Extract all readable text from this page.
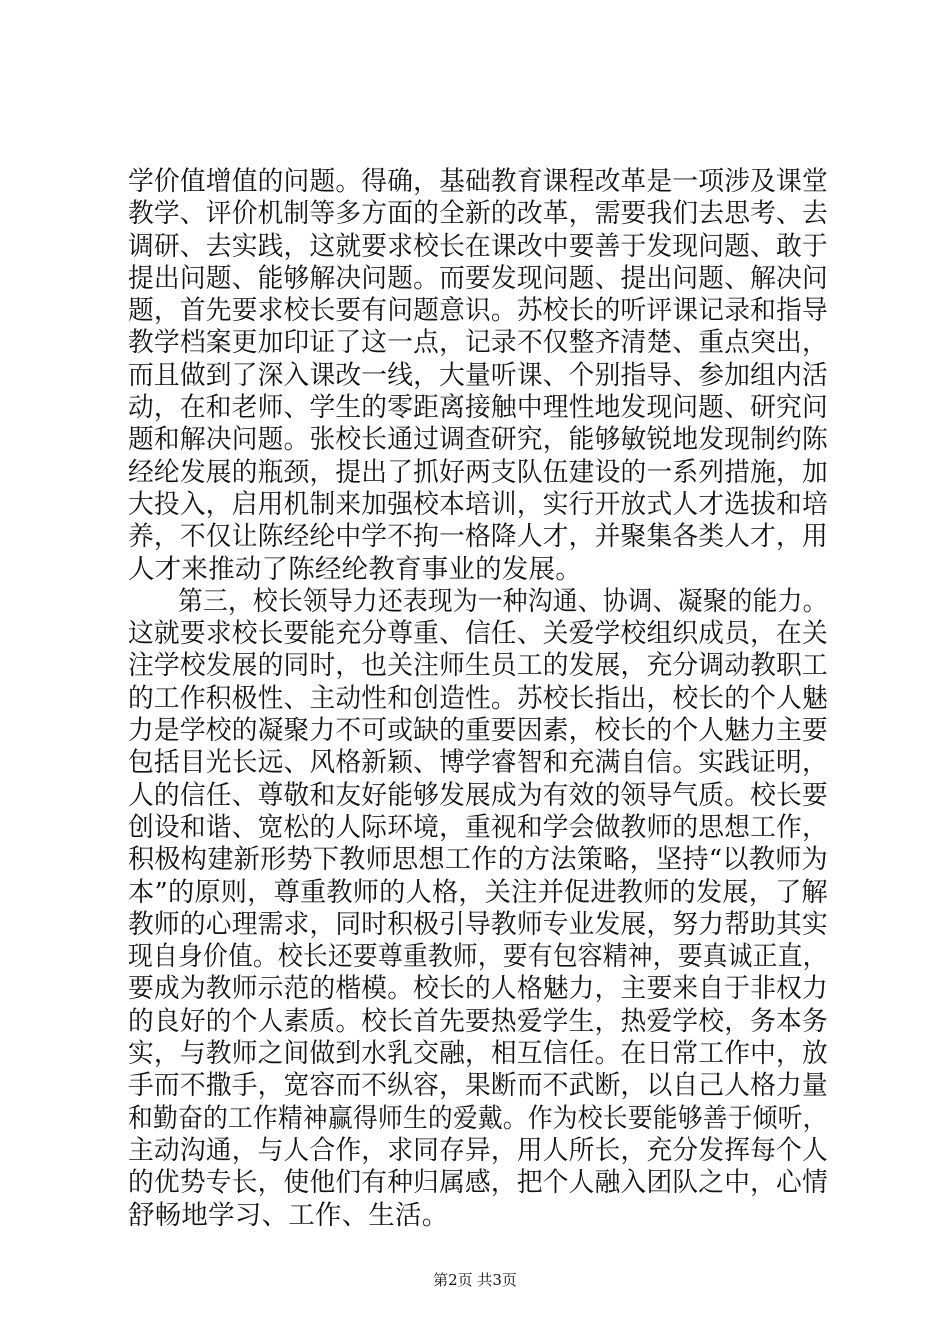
学价值增值的问题。得确，基础教育课程改革是一项涉及课堂
教学、评价机制等多方面的全新的改革，需要我们去思考、去
调研、去实践，这就要求校长在课改中要善于发现问题、敢于
提出问题、能够解决问题。而要发现问题、提出问题、解决问
题，首先要求校长要有问题意识。苏校长的听评课记录和指导
教学档案更加印证了这一点，记录不仅整齐清楚、重点突出，
而且做到了深入课改一线，大量听课、个别指导、参加组内活
动，在和老师、学生的零距离接触中理性地发现问题、研究问
题和解决问题。张校长通过调查研究，能够敏锐地发现制约陈
经纶发展的瓶颈，提出了抓好两支队伍建设的一系列措施，加
大投入，启用机制来加强校本培训，实行开放式人才选拔和培
养，不仅让陈经纶中学不拘一格降人才，并聚集各类人才，用
人才来推动了陈经纶教育事业的发展。
　　第三，校长领导力还表现为一种沟通、协调、凝聚的能力。
这就要求校长要能充分尊重、信任、关爱学校组织成员，在关
注学校发展的同时，也关注师生员工的发展，充分调动教职工
的工作积极性、主动性和创造性。苏校长指出，校长的个人魅
力是学校的凝聚力不可或缺的重要因素，校长的个人魅力主要
包括目光长远、风格新颖、博学睿智和充满自信。实践证明，
人的信任、尊敬和友好能够发展成为有效的领导气质。校长要
创设和谐、宽松的人际环境，重视和学会做教师的思想工作，
积极构建新形势下教师思想工作的方法策略，坚持“以教师为
本”的原则，尊重教师的人格，关注并促进教师的发展，了解
教师的心理需求，同时积极引导教师专业发展，努力帮助其实
现自身价值。校长还要尊重教师，要有包容精神，要真诚正直，
要成为教师示范的楷模。校长的人格魅力，主要来自于非权力
的良好的个人素质。校长首先要热爱学生，热爱学校，务本务
实，与教师之间做到水乳交融，相互信任。在日常工作中，放
手而不撒手，宽容而不纵容，果断而不武断，以自己人格力量
和勤奋的工作精神赢得师生的爱戴。作为校长要能够善于倾听，
主动沟通，与人合作，求同存异，用人所长，充分发挥每个人
的优势专长，使他们有种归属感，把个人融入团队之中，心情
舒畅地学习、工作、生活。
第2页 共3页
